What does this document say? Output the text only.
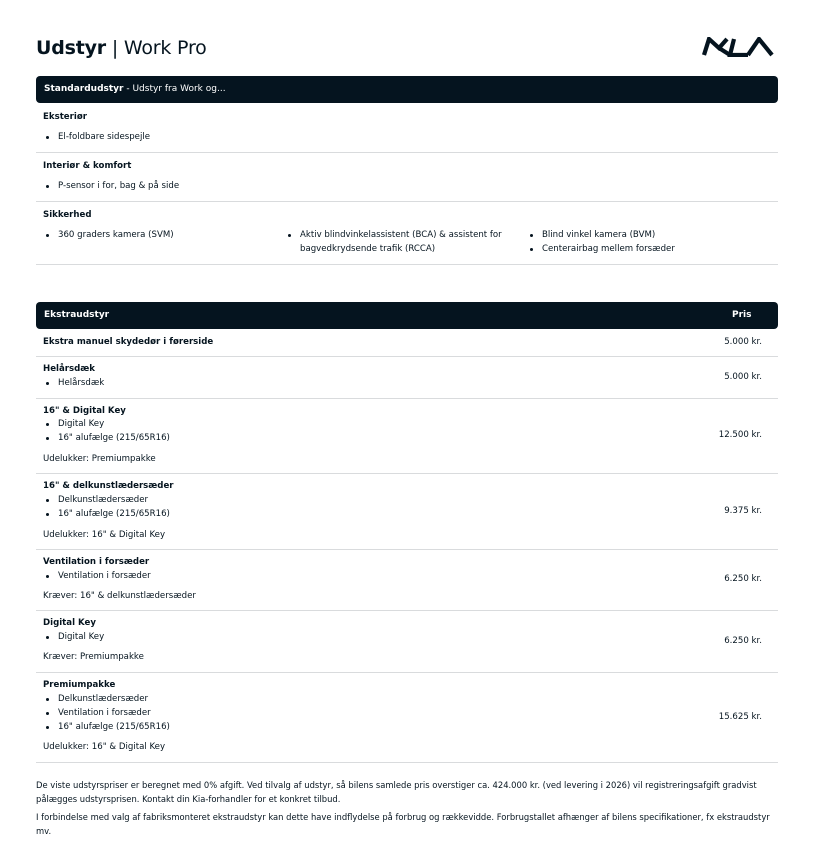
Udstyr | Work Pro
Standardudstyr - Udstyr fra Work og...
Eksteriør
El-foldbare sidespejle
Interiør & komfort
P-sensor i for, bag & på side
Sikkerhed
360 graders kamera (SVM)	Aktiv blindvinkelassistent (BCA) & assistent for bagvedkrydsende trafik (RCCA)
Blind vinkel kamera (BVM)
Centerairbag mellem forsæder
Ekstraudstyr	Pris
Ekstra manuel skydedør i førerside	5.000 kr.
Helårsdæk
Helårsdæk
5.000 kr.
16" & Digital Key
Digital Key
16" alufælge (215/65R16)
Udelukker: Premiumpakke
12.500 kr.
16" & delkunstlædersæder
Delkunstlædersæder
16" alufælge (215/65R16)
Udelukker: 16" & Digital Key
9.375 kr.
Ventilation i forsæder
Ventilation i forsæder
Kræver: 16" & delkunstlædersæder
6.250 kr.
Digital Key
Digital Key
Kræver: Premiumpakke
6.250 kr.
Premiumpakke
Delkunstlædersæder
Ventilation i forsæder
16" alufælge (215/65R16)
Udelukker: 16" & Digital Key
15.625 kr.
De viste udstyrspriser er beregnet med 0% afgift. Ved tilvalg af udstyr, så bilens samlede pris overstiger ca. 424.000 kr. (ved levering i 2026) vil registreringsafgift gradvist pålægges udstyrsprisen. Kontakt din Kia-forhandler for et konkret tilbud.
I forbindelse med valg af fabriksmonteret ekstraudstyr kan dette have indflydelse på forbrug og rækkevidde. Forbrugstallet afhænger af bilens specifikationer, fx ekstraudstyr mv.
